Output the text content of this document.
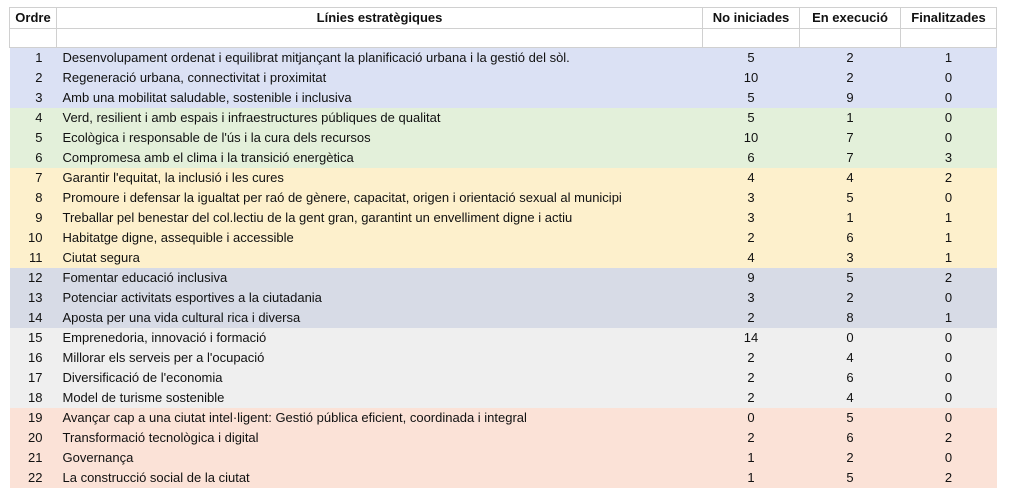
Ordre	Línies estratègiques	No iniciades	En execució	Finalitzades

1	Desenvolupament ordenat i equilibrat mitjançant la planificació urbana i la gestió del sòl.	5	2	1
2	Regeneració urbana, connectivitat i proximitat	10	2	0
3	Amb una mobilitat saludable, sostenible i inclusiva	5	9	0
4	Verd, resilient i amb espais i infraestructures públiques de qualitat	5	1	0
5	Ecològica i responsable de l'ús i la cura dels recursos	10	7	0
6	Compromesa amb el clima i la transició energètica	6	7	3
7	Garantir l'equitat, la inclusió i les cures	4	4	2
8	Promoure i defensar la igualtat per raó de gènere, capacitat, origen i orientació sexual al municipi	3	5	0
9	Treballar pel benestar del col.lectiu de la gent gran, garantint un envelliment digne i actiu	3	1	1
10	Habitatge digne, assequible i accessible	2	6	1
11	Ciutat segura	4	3	1
12	Fomentar educació inclusiva	9	5	2
13	Potenciar activitats esportives a la ciutadania	3	2	0
14	Aposta per una vida cultural rica i diversa	2	8	1
15	Emprenedoria, innovació i formació	14	0	0
16	Millorar els serveis per a l'ocupació	2	4	0
17	Diversificació de l'economia	2	6	0
18	Model de turisme sostenible	2	4	0
19	Avançar cap a una ciutat intel·ligent: Gestió pública eficient, coordinada i integral	0	5	0
20	Transformació tecnològica i digital	2	6	2
21	Governança	1	2	0
22	La construcció social de la ciutat	1	5	2
